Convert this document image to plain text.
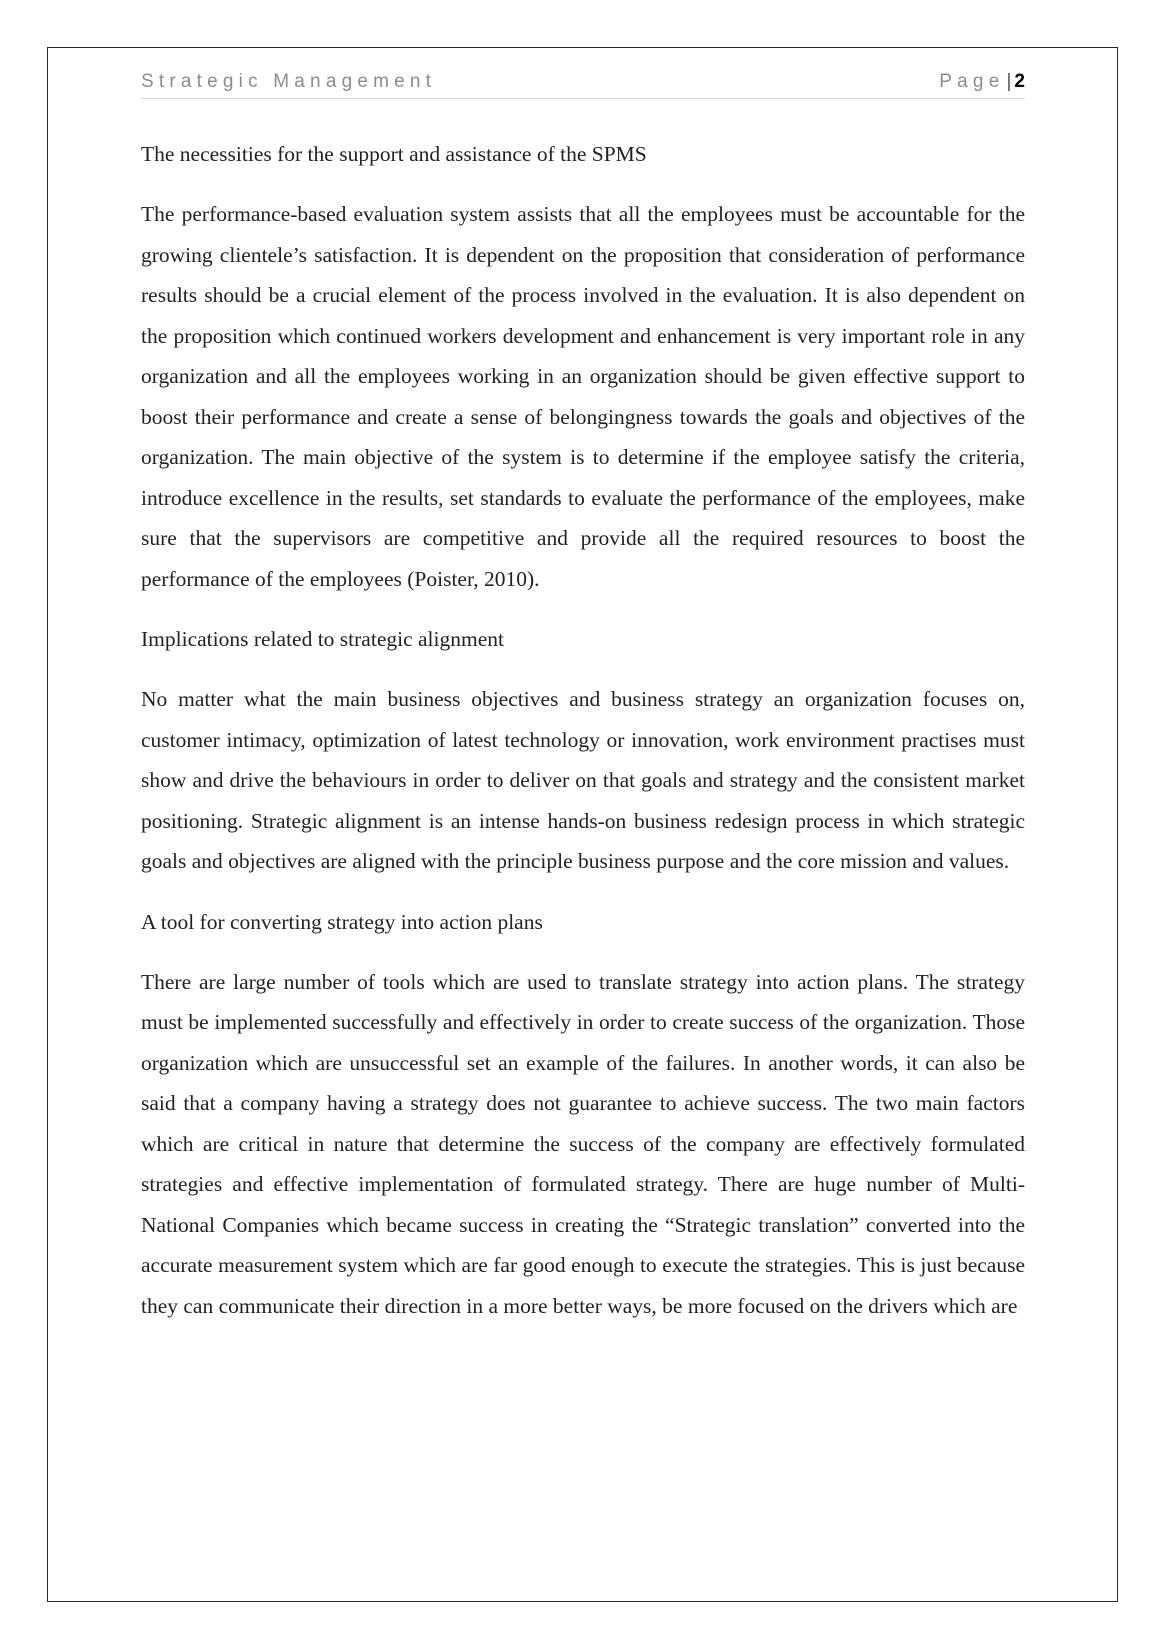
Strategic Management	Page | 2

The necessities for the support and assistance of the SPMS

The performance-based evaluation system assists that all the employees must be accountable for the growing clientele’s satisfaction. It is dependent on the proposition that consideration of performance results should be a crucial element of the process involved in the evaluation. It is also dependent on the proposition which continued workers development and enhancement is very important role in any organization and all the employees working in an organization should be given effective support to boost their performance and create a sense of belongingness towards the goals and objectives of the organization. The main objective of the system is to determine if the employee satisfy the criteria, introduce excellence in the results, set standards to evaluate the performance of the employees, make sure that the supervisors are competitive and provide all the required resources to boost the performance of the employees (Poister, 2010).

Implications related to strategic alignment

No matter what the main business objectives and business strategy an organization focuses on, customer intimacy, optimization of latest technology or innovation, work environment practises must show and drive the behaviours in order to deliver on that goals and strategy and the consistent market positioning. Strategic alignment is an intense hands-on business redesign process in which strategic goals and objectives are aligned with the principle business purpose and the core mission and values.

A tool for converting strategy into action plans

There are large number of tools which are used to translate strategy into action plans. The strategy must be implemented successfully and effectively in order to create success of the organization. Those organization which are unsuccessful set an example of the failures. In another words, it can also be said that a company having a strategy does not guarantee to achieve success. The two main factors which are critical in nature that determine the success of the company are effectively formulated strategies and effective implementation of formulated strategy. There are huge number of Multi-National Companies which became success in creating the “Strategic translation” converted into the accurate measurement system which are far good enough to execute the strategies. This is just because they can communicate their direction in a more better ways, be more focused on the drivers which are
